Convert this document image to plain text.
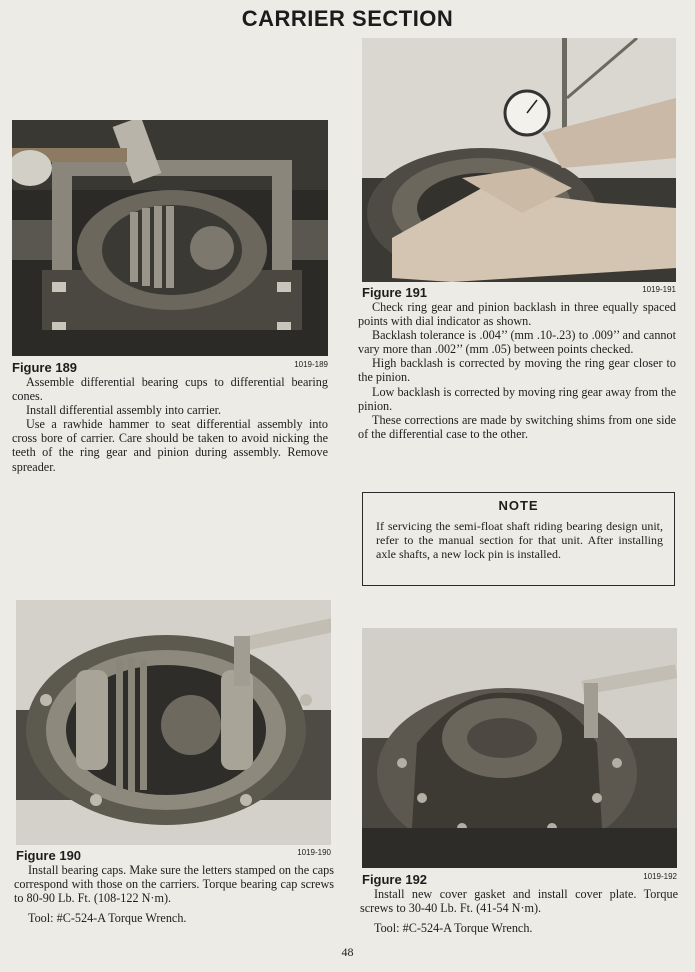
CARRIER SECTION
Figure 189	1019-189

Assemble differential bearing cups to differential bearing cones.

Install differential assembly into carrier.

Use a rawhide hammer to seat differential assembly into cross bore of carrier. Care should be taken to avoid nicking the teeth of the ring gear and pinion during assembly. Remove spreader.

Figure 191	1019-191

Check ring gear and pinion backlash in three equally spaced points with dial indicator as shown.

Backlash tolerance is .004’’ (mm .10-.23) to .009’’ and cannot vary more than .002’’ (mm .05) between points checked.

High backlash is corrected by moving the ring gear closer to the pinion.

Low backlash is corrected by moving ring gear away from the pinion.

These corrections are made by switching shims from one side of the differential case to the other.

NOTE

If servicing the semi-float shaft riding bearing design unit, refer to the manual section for that unit. After installing axle shafts, a new lock pin is installed.

Figure 190	1019-190

Install bearing caps. Make sure the letters stamped on the caps correspond with those on the carriers. Torque bearing cap screws to 80-90 Lb. Ft. (108-122 N·m).

Tool: #C-524-A Torque Wrench.

Figure 192	1019-192

Install new cover gasket and install cover plate. Torque screws to 30-40 Lb. Ft. (41-54 N·m).

Tool: #C-524-A Torque Wrench.

48
